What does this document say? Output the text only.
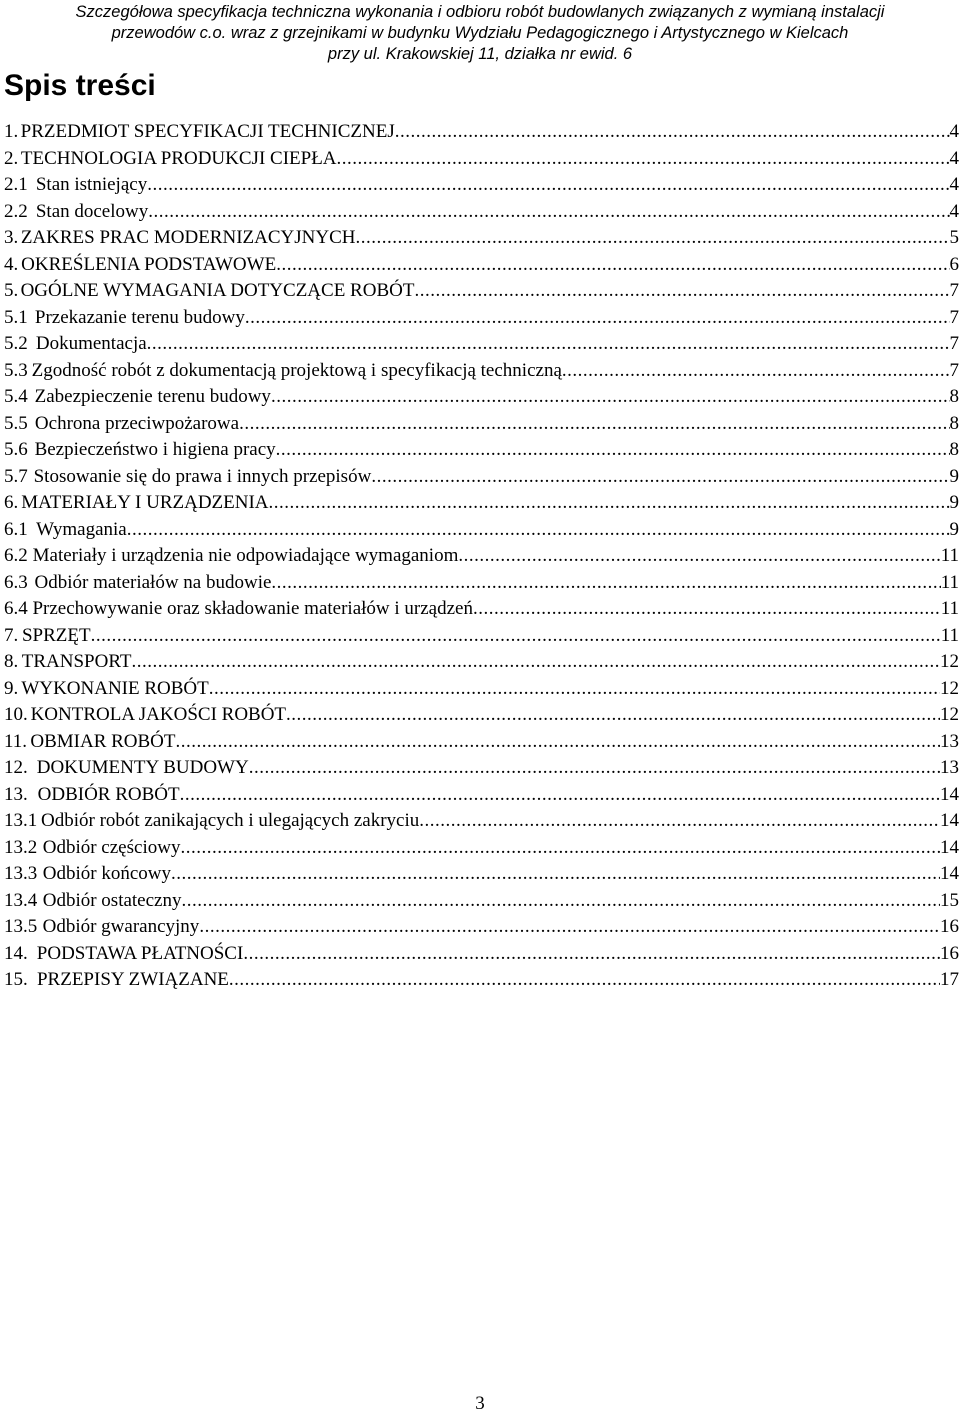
Szczegółowa specyfikacja techniczna wykonania i odbioru robót budowlanych związanych z wymianą instalacji
przewodów c.o. wraz z grzejnikami w budynku Wydziału Pedagogicznego i Artystycznego w Kielcach
przy ul. Krakowskiej 11, działka nr ewid. 6
Spis treści
1. PRZEDMIOT SPECYFIKACJI TECHNICZNEJ .....	4
2. TECHNOLOGIA PRODUKCJI CIEPŁA .....	4
2.1 Stan istniejący .....	4
2.2 Stan docelowy .....	4
3. ZAKRES PRAC MODERNIZACYJNYCH .....	5
4. OKREŚLENIA PODSTAWOWE .....	6
5. OGÓLNE WYMAGANIA DOTYCZĄCE ROBÓT .....	7
5.1 Przekazanie terenu budowy .....	7
5.2 Dokumentacja .....	7
5.3 Zgodność robót z dokumentacją projektową i specyfikacją techniczną .....	7
5.4 Zabezpieczenie terenu budowy .....	8
5.5 Ochrona przeciwpożarowa .....	8
5.6 Bezpieczeństwo i higiena pracy .....	8
5.7 Stosowanie się do prawa i innych przepisów .....	9
6. MATERIAŁY I URZĄDZENIA .....	9
6.1 Wymagania .....	9
6.2 Materiały i urządzenia nie odpowiadające wymaganiom .....	11
6.3 Odbiór materiałów na budowie .....	11
6.4 Przechowywanie oraz składowanie materiałów i urządzeń .....	11
7. SPRZĘT .....	11
8. TRANSPORT .....	12
9. WYKONANIE ROBÓT .....	12
10. KONTROLA JAKOŚCI ROBÓT .....	12
11. OBMIAR ROBÓT .....	13
12. DOKUMENTY BUDOWY .....	13
13. ODBIÓR ROBÓT .....	14
13.1 Odbiór robót zanikających i ulegających zakryciu .....	14
13.2 Odbiór częściowy .....	14
13.3 Odbiór końcowy .....	14
13.4 Odbiór ostateczny .....	15
13.5 Odbiór gwarancyjny .....	16
14. PODSTAWA PŁATNOŚCI .....	16
15. PRZEPISY ZWIĄZANE .....	17
3
